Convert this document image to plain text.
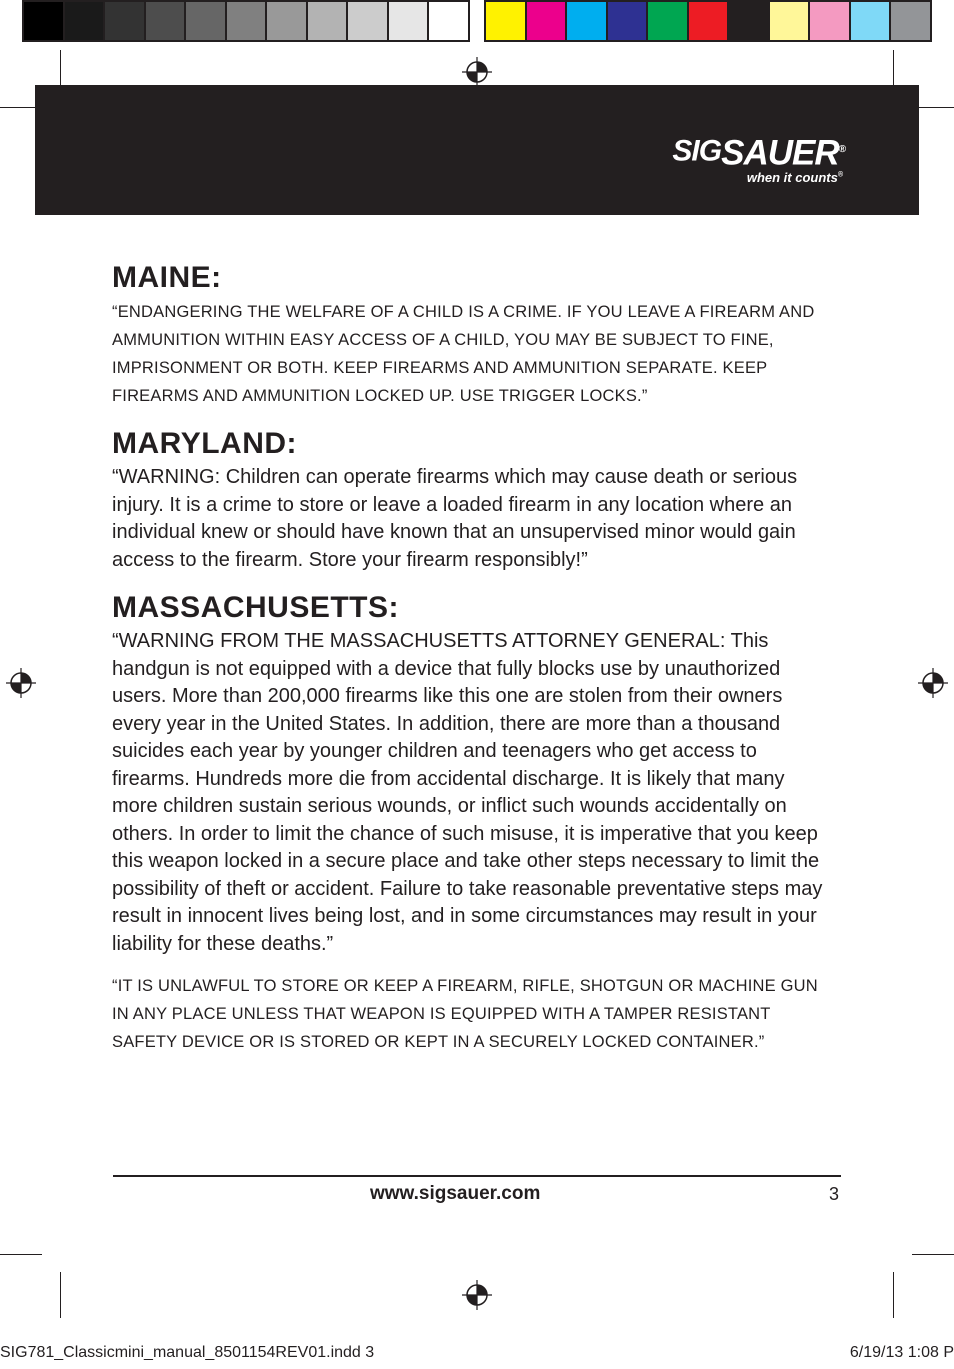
SIGSAUER®
when it counts®
MAINE:

“ENDANGERING THE WELFARE OF A CHILD IS A CRIME. IF YOU LEAVE A FIREARM AND AMMUNITION WITHIN EASY ACCESS OF A CHILD, YOU MAY BE SUBJECT TO FINE, IMPRISONMENT OR BOTH. KEEP FIREARMS AND AMMUNITION SEPARATE. KEEP FIREARMS AND AMMUNITION LOCKED UP. USE TRIGGER LOCKS.”

MARYLAND:

“WARNING: Children can operate firearms which may cause death or serious injury. It is a crime to store or leave a loaded firearm in any location where an individual knew or should have known that an unsupervised minor would gain access to the firearm. Store your firearm responsibly!”

MASSACHUSETTS:

“WARNING FROM THE MASSACHUSETTS ATTORNEY GENERAL: This handgun is not equipped with a device that fully blocks use by unauthorized users. More than 200,000 firearms like this one are stolen from their owners every year in the United States. In addition, there are more than a thousand suicides each year by younger children and teenagers who get access to firearms. Hundreds more die from accidental discharge. It is likely that many more children sustain serious wounds, or inflict such wounds accidentally on others. In order to limit the chance of such misuse, it is imperative that you keep this weapon locked in a secure place and take other steps necessary to limit the possibility of theft or accident. Failure to take reasonable preventative steps may result in innocent lives being lost, and in some circumstances may result in your liability for these deaths.”

“IT IS UNLAWFUL TO STORE OR KEEP A FIREARM, RIFLE, SHOTGUN OR MACHINE GUN IN ANY PLACE UNLESS THAT WEAPON IS EQUIPPED WITH A TAMPER RESISTANT SAFETY DEVICE OR IS STORED OR KEPT IN A SECURELY LOCKED CONTAINER.”

www.sigsauer.com	3
SIG781_Classicmini_manual_8501154REV01.indd 3	6/19/13 1:08 P
